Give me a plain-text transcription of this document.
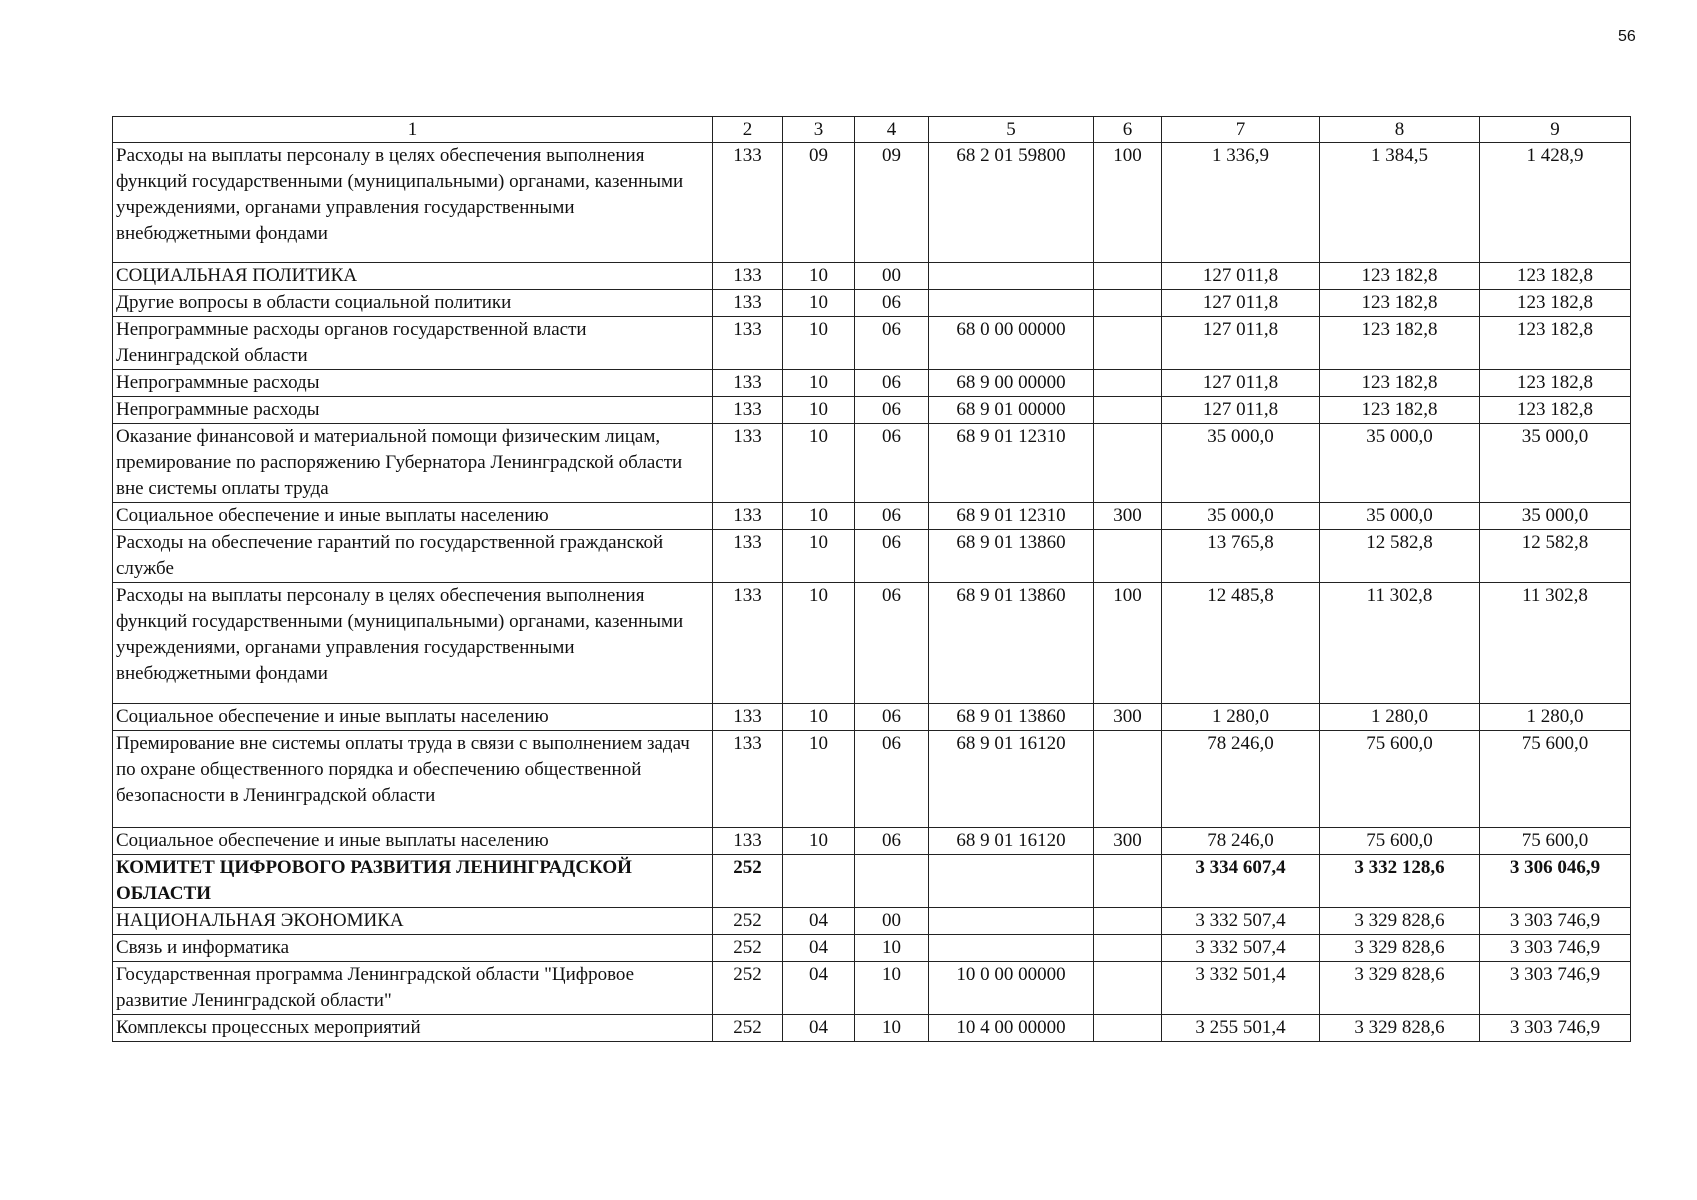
56
1	2	3	4	5	6	7	8	9
Расходы на выплаты персоналу в целях обеспечения выполнения функций государственными (муниципальными) органами, казенными учреждениями, органами управления государственными внебюджетными фондами	133	09	09	68 2 01 59800	100	1 336,9	1 384,5	1 428,9
СОЦИАЛЬНАЯ ПОЛИТИКА	133	10	00			127 011,8	123 182,8	123 182,8
Другие вопросы в области социальной политики	133	10	06			127 011,8	123 182,8	123 182,8
Непрограммные расходы органов государственной власти Ленинградской области	133	10	06	68 0 00 00000		127 011,8	123 182,8	123 182,8
Непрограммные расходы	133	10	06	68 9 00 00000		127 011,8	123 182,8	123 182,8
Непрограммные расходы	133	10	06	68 9 01 00000		127 011,8	123 182,8	123 182,8
Оказание финансовой и материальной помощи физическим лицам, премирование по распоряжению Губернатора Ленинградской области вне системы оплаты труда	133	10	06	68 9 01 12310		35 000,0	35 000,0	35 000,0
Социальное обеспечение и иные выплаты населению	133	10	06	68 9 01 12310	300	35 000,0	35 000,0	35 000,0
Расходы на обеспечение гарантий по государственной гражданской службе	133	10	06	68 9 01 13860		13 765,8	12 582,8	12 582,8
Расходы на выплаты персоналу в целях обеспечения выполнения функций государственными (муниципальными) органами, казенными учреждениями, органами управления государственными внебюджетными фондами	133	10	06	68 9 01 13860	100	12 485,8	11 302,8	11 302,8
Социальное обеспечение и иные выплаты населению	133	10	06	68 9 01 13860	300	1 280,0	1 280,0	1 280,0
Премирование вне системы оплаты труда в связи с выполнением задач по охране общественного порядка и обеспечению общественной безопасности в Ленинградской области	133	10	06	68 9 01 16120		78 246,0	75 600,0	75 600,0
Социальное обеспечение и иные выплаты населению	133	10	06	68 9 01 16120	300	78 246,0	75 600,0	75 600,0
КОМИТЕТ ЦИФРОВОГО РАЗВИТИЯ ЛЕНИНГРАДСКОЙ ОБЛАСТИ	252					3 334 607,4	3 332 128,6	3 306 046,9
НАЦИОНАЛЬНАЯ ЭКОНОМИКА	252	04	00			3 332 507,4	3 329 828,6	3 303 746,9
Связь и информатика	252	04	10			3 332 507,4	3 329 828,6	3 303 746,9
Государственная программа Ленинградской области "Цифровое развитие Ленинградской области"	252	04	10	10 0 00 00000		3 332 501,4	3 329 828,6	3 303 746,9
Комплексы процессных мероприятий	252	04	10	10 4 00 00000		3 255 501,4	3 329 828,6	3 303 746,9
